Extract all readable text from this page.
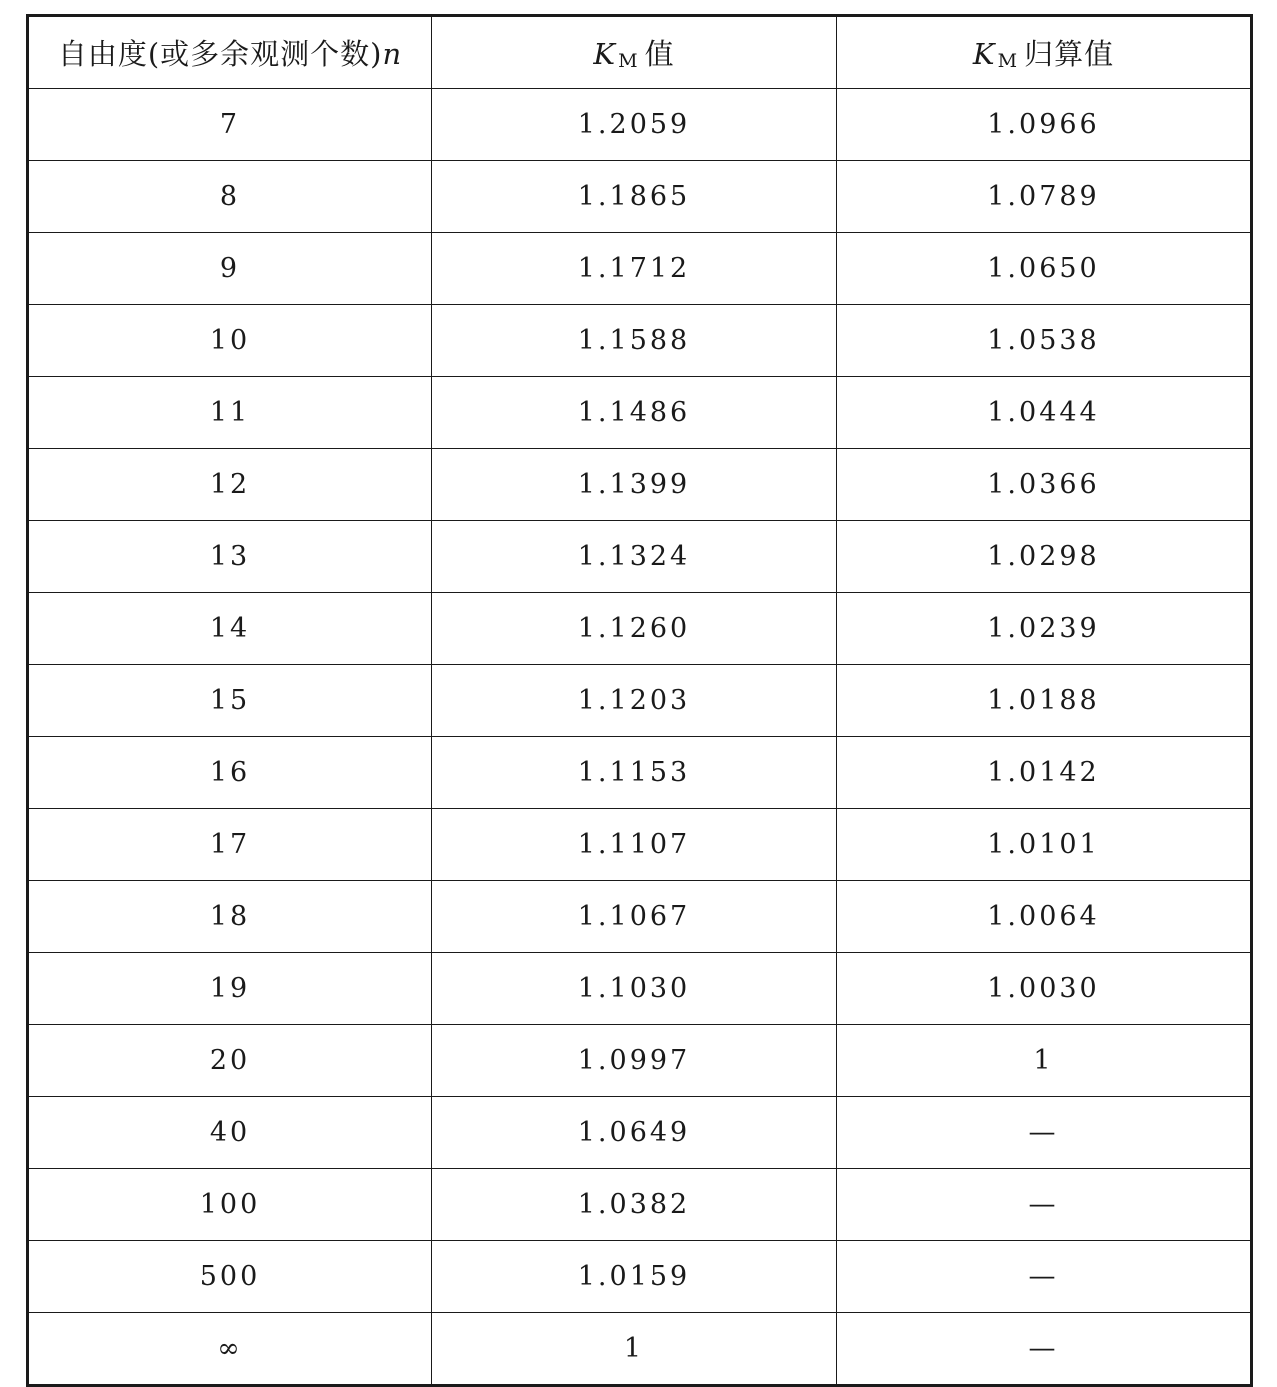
自由度(或多余观测个数)n	K M 值	K M 归算值
7	1.2059	1.0966
8	1.1865	1.0789
9	1.1712	1.0650
10	1.1588	1.0538
11	1.1486	1.0444
12	1.1399	1.0366
13	1.1324	1.0298
14	1.1260	1.0239
15	1.1203	1.0188
16	1.1153	1.0142
17	1.1107	1.0101
18	1.1067	1.0064
19	1.1030	1.0030
20	1.0997	1
40	1.0649	—
100	1.0382	—
500	1.0159	—
∞	1	—
